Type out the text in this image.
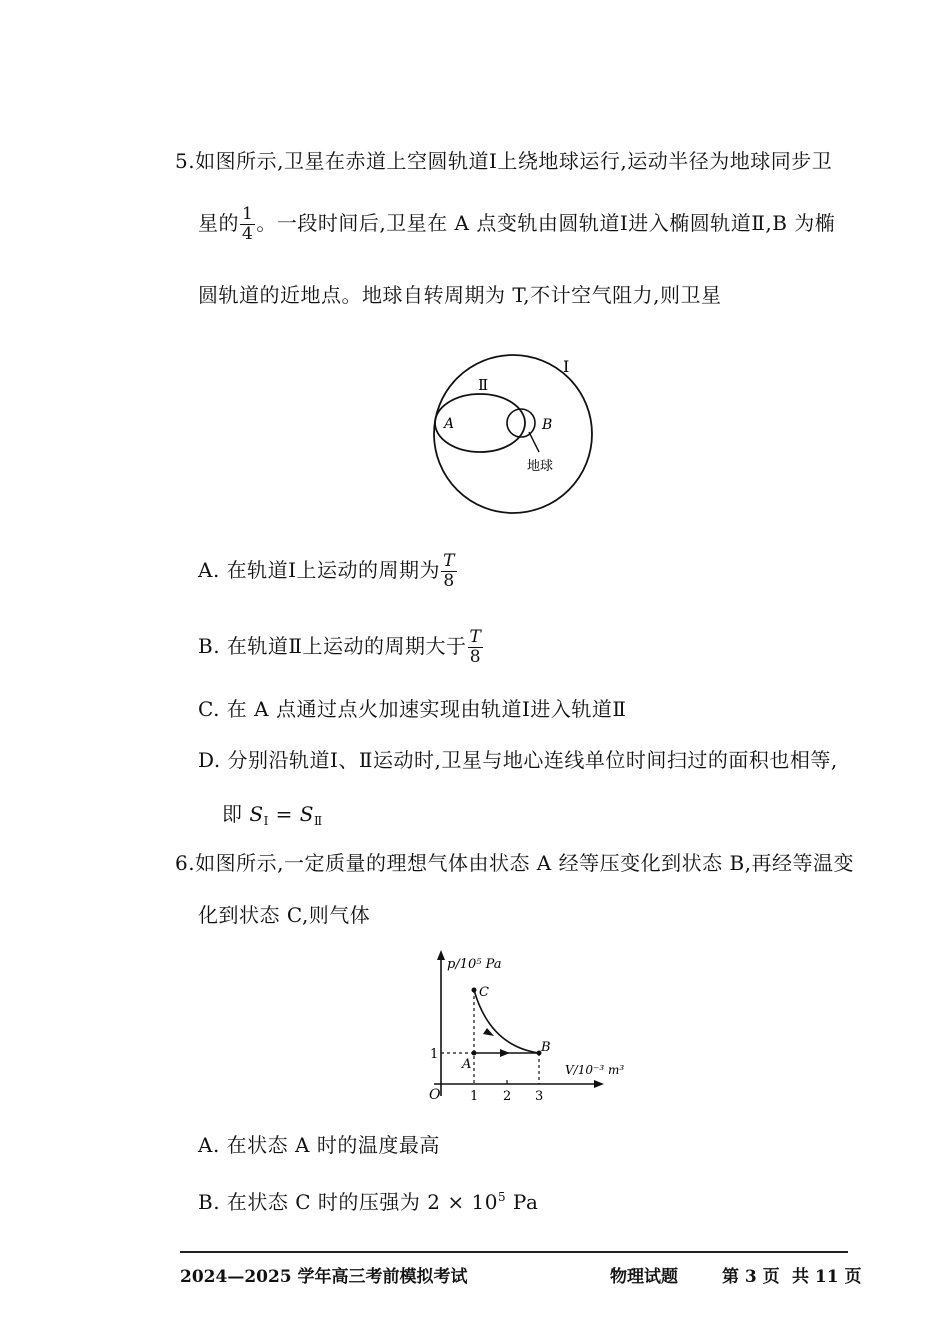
5.如图所示,卫星在赤道上空圆轨道Ⅰ上绕地球运行,运动半径为地球同步卫
星的 $\frac{1}{4}$ 。一段时间后,卫星在 A 点变轨由圆轨道Ⅰ进入椭圆轨道Ⅱ,B 为椭
圆轨道的近地点。地球自转周期为 T,不计空气阻力,则卫星
Ⅰ
Ⅱ
A	B
地球
A. 在轨道Ⅰ上运动的周期为 $\frac{T}{8}$
B. 在轨道Ⅱ上运动的周期大于 $\frac{T}{8}$
C. 在 A 点通过点火加速实现由轨道Ⅰ进入轨道Ⅱ
D. 分别沿轨道Ⅰ、Ⅱ运动时,卫星与地心连线单位时间扫过的面积也相等,
即 $S_Ⅰ = S_Ⅱ$
6.如图所示,一定质量的理想气体由状态 A 经等压变化到状态 B,再经等温变
化到状态 C,则气体
p/10⁵ Pa
V/10⁻³ m³
O
1
1 2 3
A
B
C
A. 在状态 A 时的温度最高
B. 在状态 C 时的压强为 $2 \times 10^5$ Pa
2024—2025 学年高三考前模拟考试	物理试题	第 3 页 共 11 页
